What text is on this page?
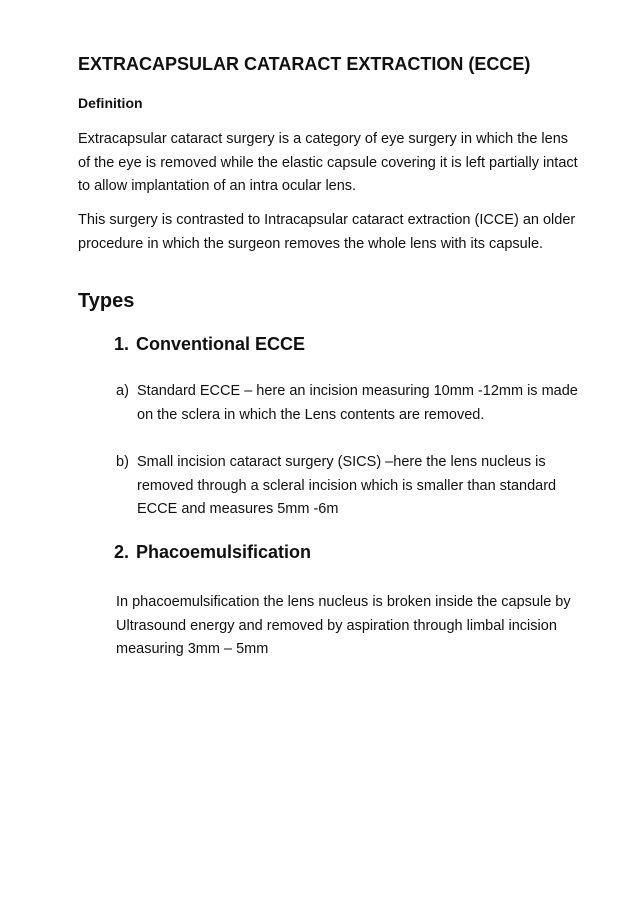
EXTRACAPSULAR CATARACT EXTRACTION (ECCE)
Definition
Extracapsular cataract surgery is a category of eye surgery in which the lens of the eye is removed while the elastic capsule covering it is left partially intact to allow implantation of an intra ocular lens.
This surgery is contrasted to Intracapsular cataract extraction (ICCE) an older procedure in which the surgeon removes the whole lens with its capsule.
Types
1. Conventional ECCE
a) Standard ECCE – here an incision measuring 10mm -12mm is made on the sclera in which the Lens contents are removed.
b) Small incision cataract surgery (SICS) –here the lens nucleus is removed through a scleral incision which is smaller than standard ECCE and measures 5mm -6m
2. Phacoemulsification
In phacoemulsification the lens nucleus is broken inside the capsule by Ultrasound energy and removed by aspiration through limbal incision measuring 3mm – 5mm
